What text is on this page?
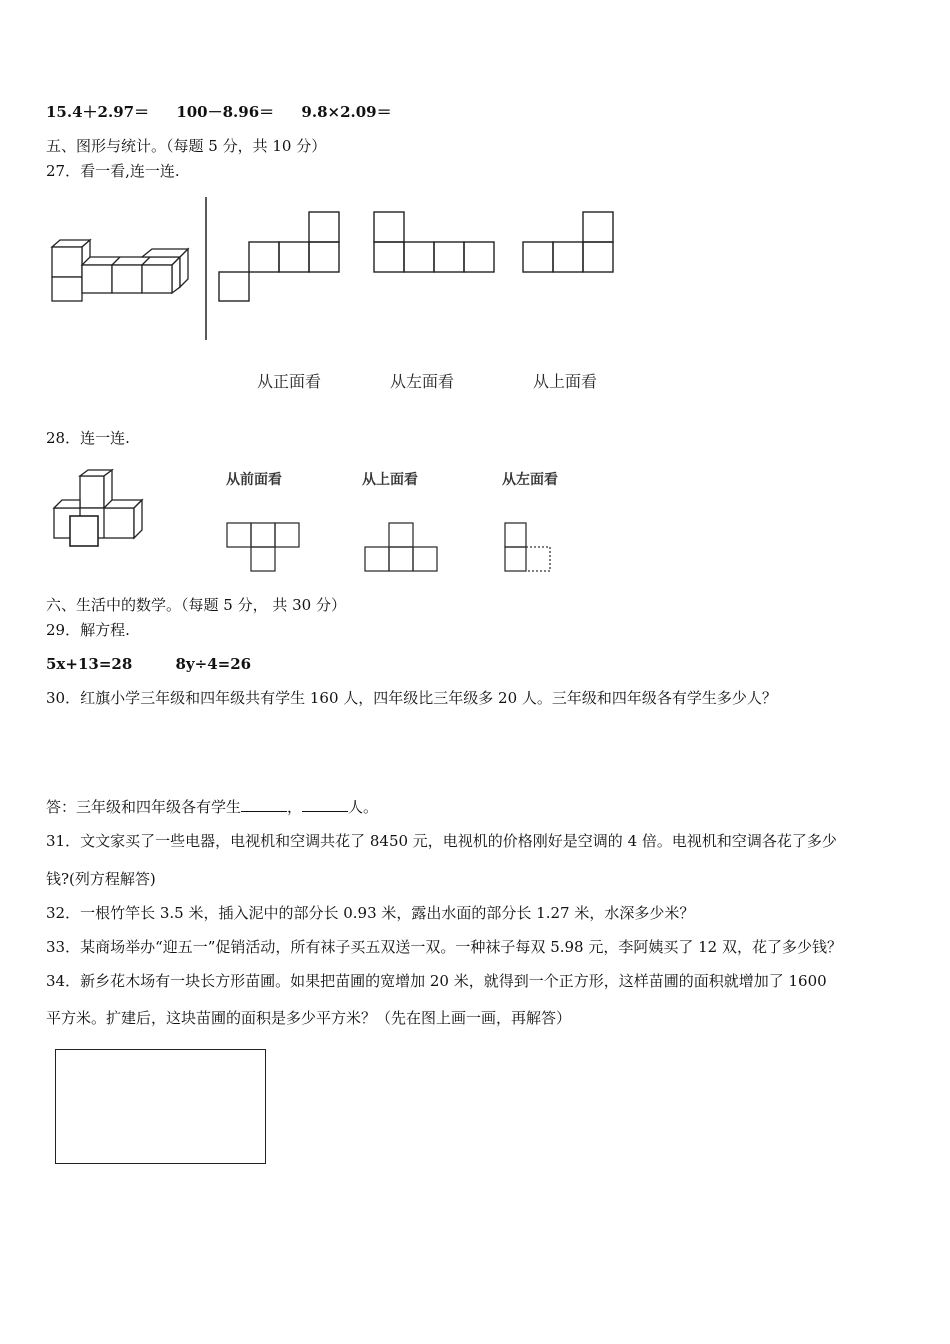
15.4＋2.97＝ 100－8.96＝ 9.8×2.09＝
五、图形与统计。（每题 5 分，共 10 分）
27．看一看,连一连.
从正面看	从左面看	从上面看
28．连一连.
从前面看	从上面看	从左面看
六、生活中的数学。（每题 5 分， 共 30 分）
29．解方程.
5x+13=28	8y÷4=26
30．红旗小学三年级和四年级共有学生 160 人，四年级比三年级多 20 人。三年级和四年级各有学生多少人？
答：三年级和四年级各有学生	，	人。
31．文文家买了一些电器，电视机和空调共花了 8450 元，电视机的价格刚好是空调的 4 倍。电视机和空调各花了多少
钱?(列方程解答)
32．一根竹竿长 3.5 米，插入泥中的部分长 0.93 米，露出水面的部分长 1.27 米，水深多少米？
33．某商场举办“迎五一”促销活动，所有袜子买五双送一双。一种袜子每双 5.98 元，李阿姨买了 12 双，花了多少钱？
34．新乡花木场有一块长方形苗圃。如果把苗圃的宽增加 20 米，就得到一个正方形，这样苗圃的面积就增加了 1600
平方米。扩建后，这块苗圃的面积是多少平方米？（先在图上画一画，再解答）
